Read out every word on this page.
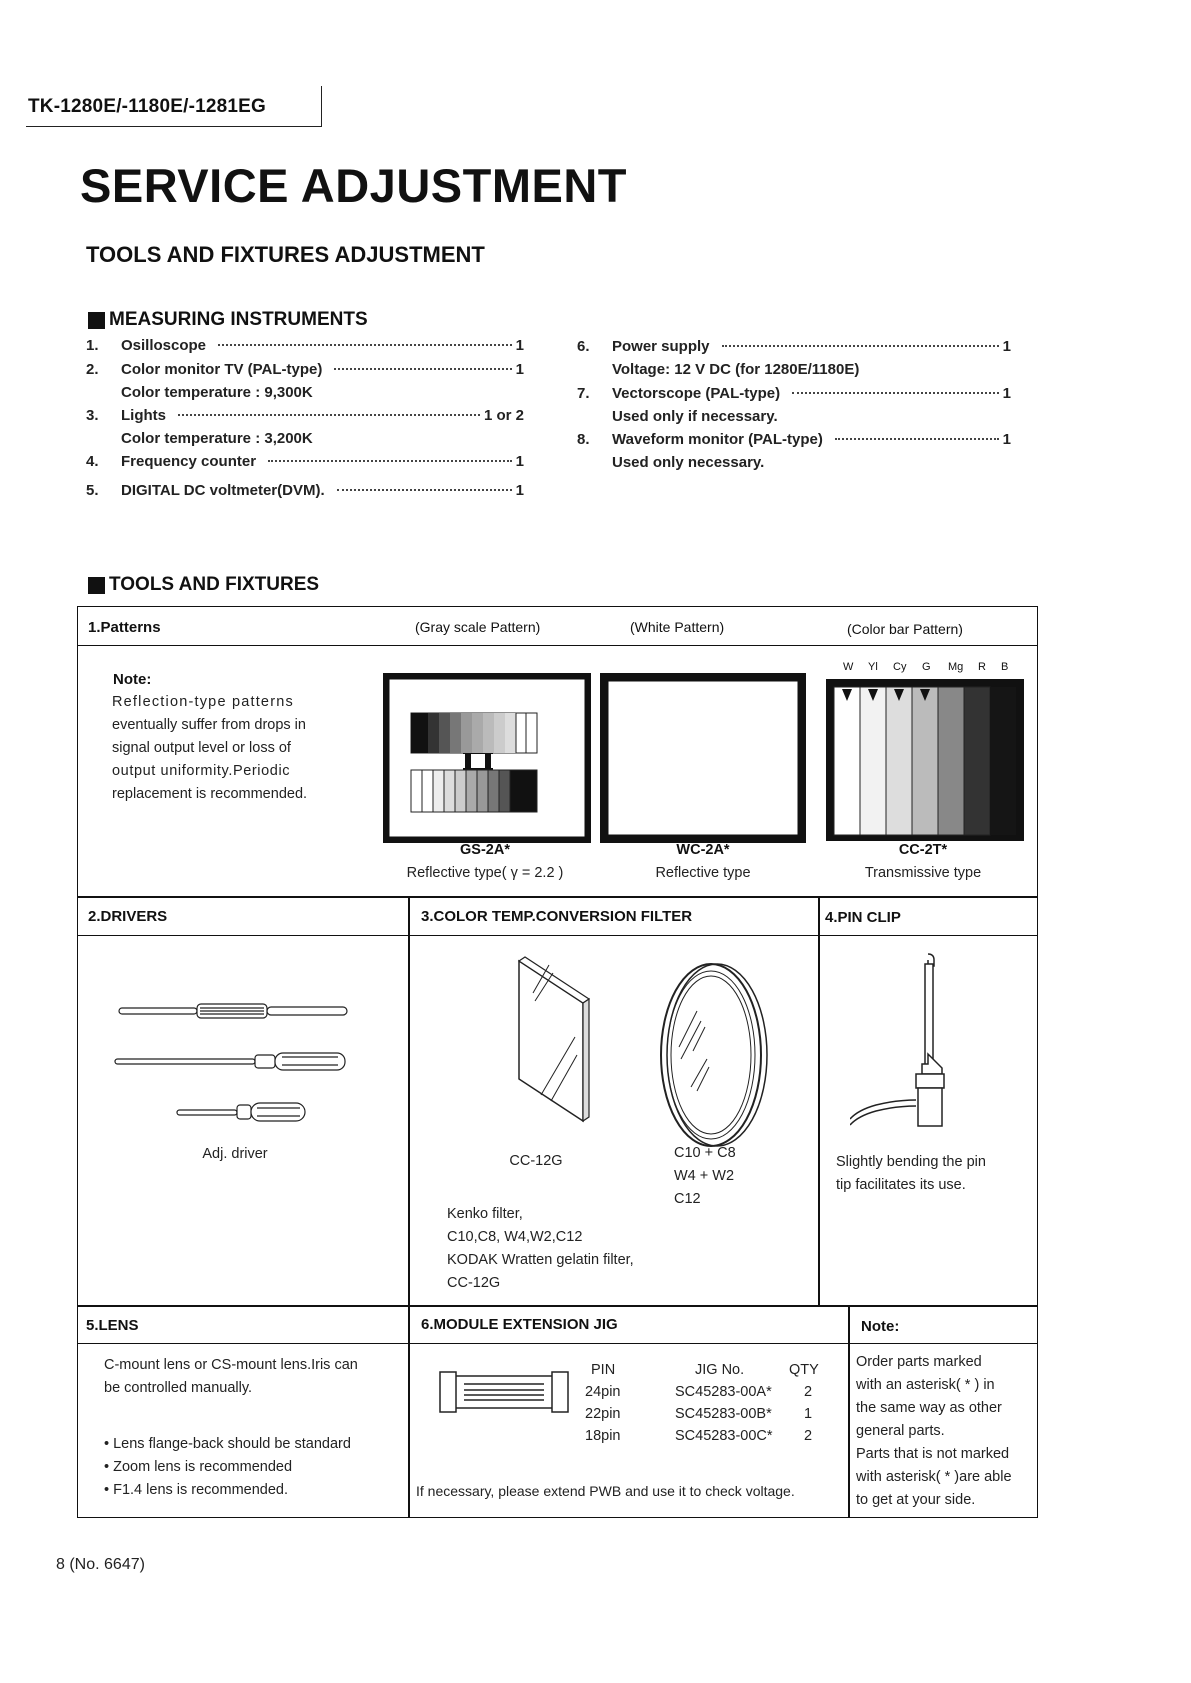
TK-1280E/-1180E/-1281EG
SERVICE ADJUSTMENT
TOOLS AND FIXTURES ADJUSTMENT
MEASURING INSTRUMENTS
1.	Osilloscope	1
2.	Color monitor TV (PAL-type)	1
Color temperature : 9,300K
3.	Lights	1 or 2
Color temperature : 3,200K
4.	Frequency counter	1
5.	DIGITAL DC voltmeter(DVM).	1
6.	Power supply	1
Voltage: 12 V DC (for 1280E/1180E)
7.	Vectorscope (PAL-type)	1
Used only if necessary.
8.	Waveform monitor (PAL-type)	1
Used only necessary.
TOOLS AND FIXTURES
1.Patterns	(Gray scale Pattern)	(White Pattern)	(Color bar Pattern)
Note:
Reflection-type patterns
eventually suffer from drops in
signal output level or loss of
output uniformity.Periodic
replacement is recommended.
GS-2A*
Reflective type( γ = 2.2 )
WC-2A*
Reflective type
W Yl Cy G Mg R B
CC-2T*
Transmissive type
2.DRIVERS	3.COLOR TEMP.CONVERSION FILTER	4.PIN CLIP
Adj. driver	CC-12G	C10 + C8
W4 + W2
C12
Kenko filter,
C10,C8, W4,W2,C12
KODAK Wratten gelatin filter,
CC-12G
Slightly bending the pin
tip facilitates its use.
5.LENS	6.MODULE EXTENSION JIG	Note:
C-mount lens or CS-mount lens.Iris can
be controlled manually.
• Lens flange-back should be standard
• Zoom lens is recommended
• F1.4 lens is recommended.
PIN	JIG No.	QTY
24pin	SC45283-00A* 2
22pin	SC45283-00B* 1
18pin	SC45283-00C* 2
If necessary, please extend PWB and use it to check voltage.
Order parts marked
with an asterisk( * ) in
the same way as other
general parts.
Parts that is not marked
with asterisk( * )are able
to get at your side.
8 (No. 6647)
